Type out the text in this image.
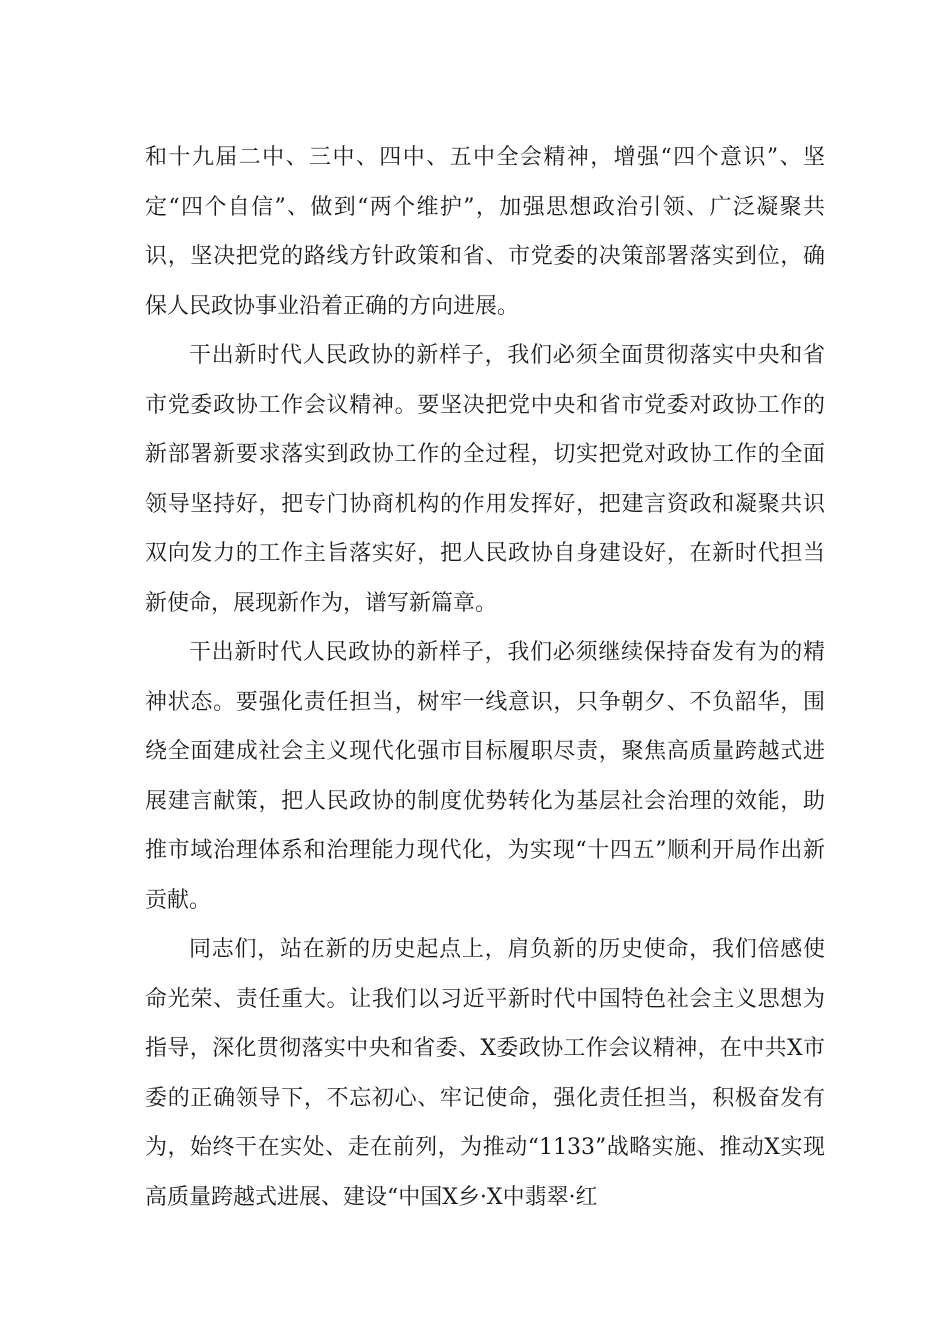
和十九届二中、三中、四中、五中全会精神，增强“四个意识”、坚定“四个自信”、做到“两个维护”，加强思想政治引领、广泛凝聚共识，坚决把党的路线方针政策和省、市党委的决策部署落实到位，确保人民政协事业沿着正确的方向进展。

干出新时代人民政协的新样子，我们必须全面贯彻落实中央和省市党委政协工作会议精神。要坚决把党中央和省市党委对政协工作的新部署新要求落实到政协工作的全过程，切实把党对政协工作的全面领导坚持好，把专门协商机构的作用发挥好，把建言资政和凝聚共识双向发力的工作主旨落实好，把人民政协自身建设好，在新时代担当新使命，展现新作为，谱写新篇章。

干出新时代人民政协的新样子，我们必须继续保持奋发有为的精神状态。要强化责任担当，树牢一线意识，只争朝夕、不负韶华，围绕全面建成社会主义现代化强市目标履职尽责，聚焦高质量跨越式进展建言献策，把人民政协的制度优势转化为基层社会治理的效能，助推市域治理体系和治理能力现代化，为实现“十四五”顺利开局作出新贡献。

同志们，站在新的历史起点上，肩负新的历史使命，我们倍感使命光荣、责任重大。让我们以习近平新时代中国特色社会主义思想为指导，深化贯彻落实中央和省委、X委政协工作会议精神，在中共X市委的正确领导下，不忘初心、牢记使命，强化责任担当，积极奋发有为，始终干在实处、走在前列，为推动“1133”战略实施、推动X实现高质量跨越式进展、建设“中国X乡·X中翡翠·红
